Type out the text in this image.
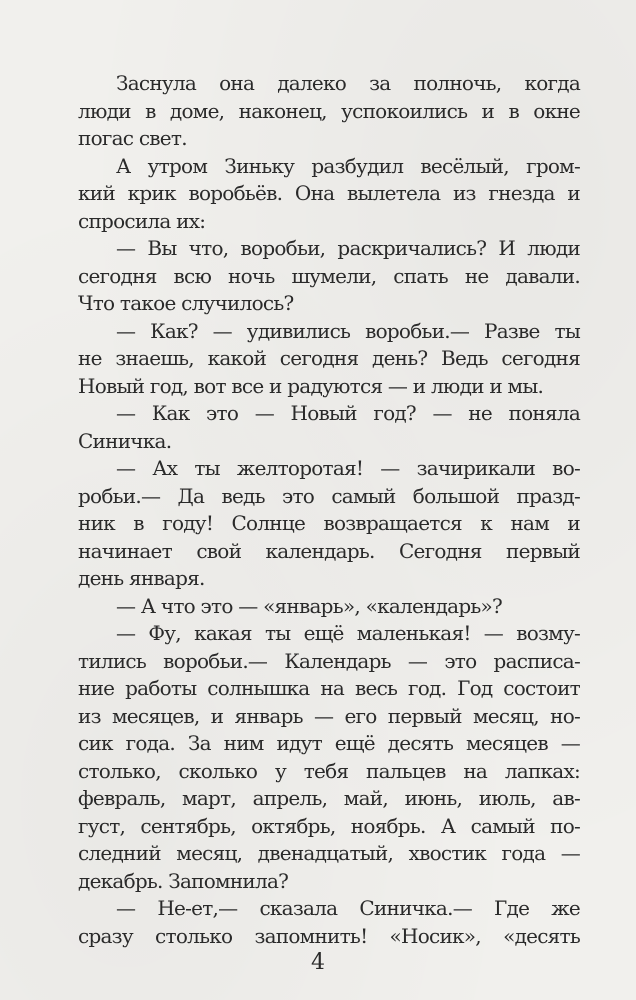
Заснула она далеко за полночь, когда
люди в доме, наконец, успокоились и в окне
погас свет.
А утром Зиньку разбудил весёлый, гром-
кий крик воробьёв. Она вылетела из гнезда и
спросила их:
— Вы что, воробьи, раскричались? И люди
сегодня всю ночь шумели, спать не давали.
Что такое случилось?
— Как? — удивились воробьи.— Разве ты
не знаешь, какой сегодня день? Ведь сегодня
Новый год, вот все и радуются — и люди и мы.
— Как это — Новый год? — не поняла
Синичка.
— Ах ты желторотая! — зачирикали во-
робьи.— Да ведь это самый большой празд-
ник в году! Солнце возвращается к нам и
начинает свой календарь. Сегодня первый
день января.
— А что это — «январь», «календарь»?
— Фу, какая ты ещё маленькая! — возму-
тились воробьи.— Календарь — это расписа-
ние работы солнышка на весь год. Год состоит
из месяцев, и январь — его первый месяц, но-
сик года. За ним идут ещё десять месяцев —
столько, сколько у тебя пальцев на лапках:
февраль, март, апрель, май, июнь, июль, ав-
густ, сентябрь, октябрь, ноябрь. А самый по-
следний месяц, двенадцатый, хвостик года —
декабрь. Запомнила?
— Не-ет,— сказала Синичка.— Где же
сразу столько запомнить! «Носик», «десять
4
